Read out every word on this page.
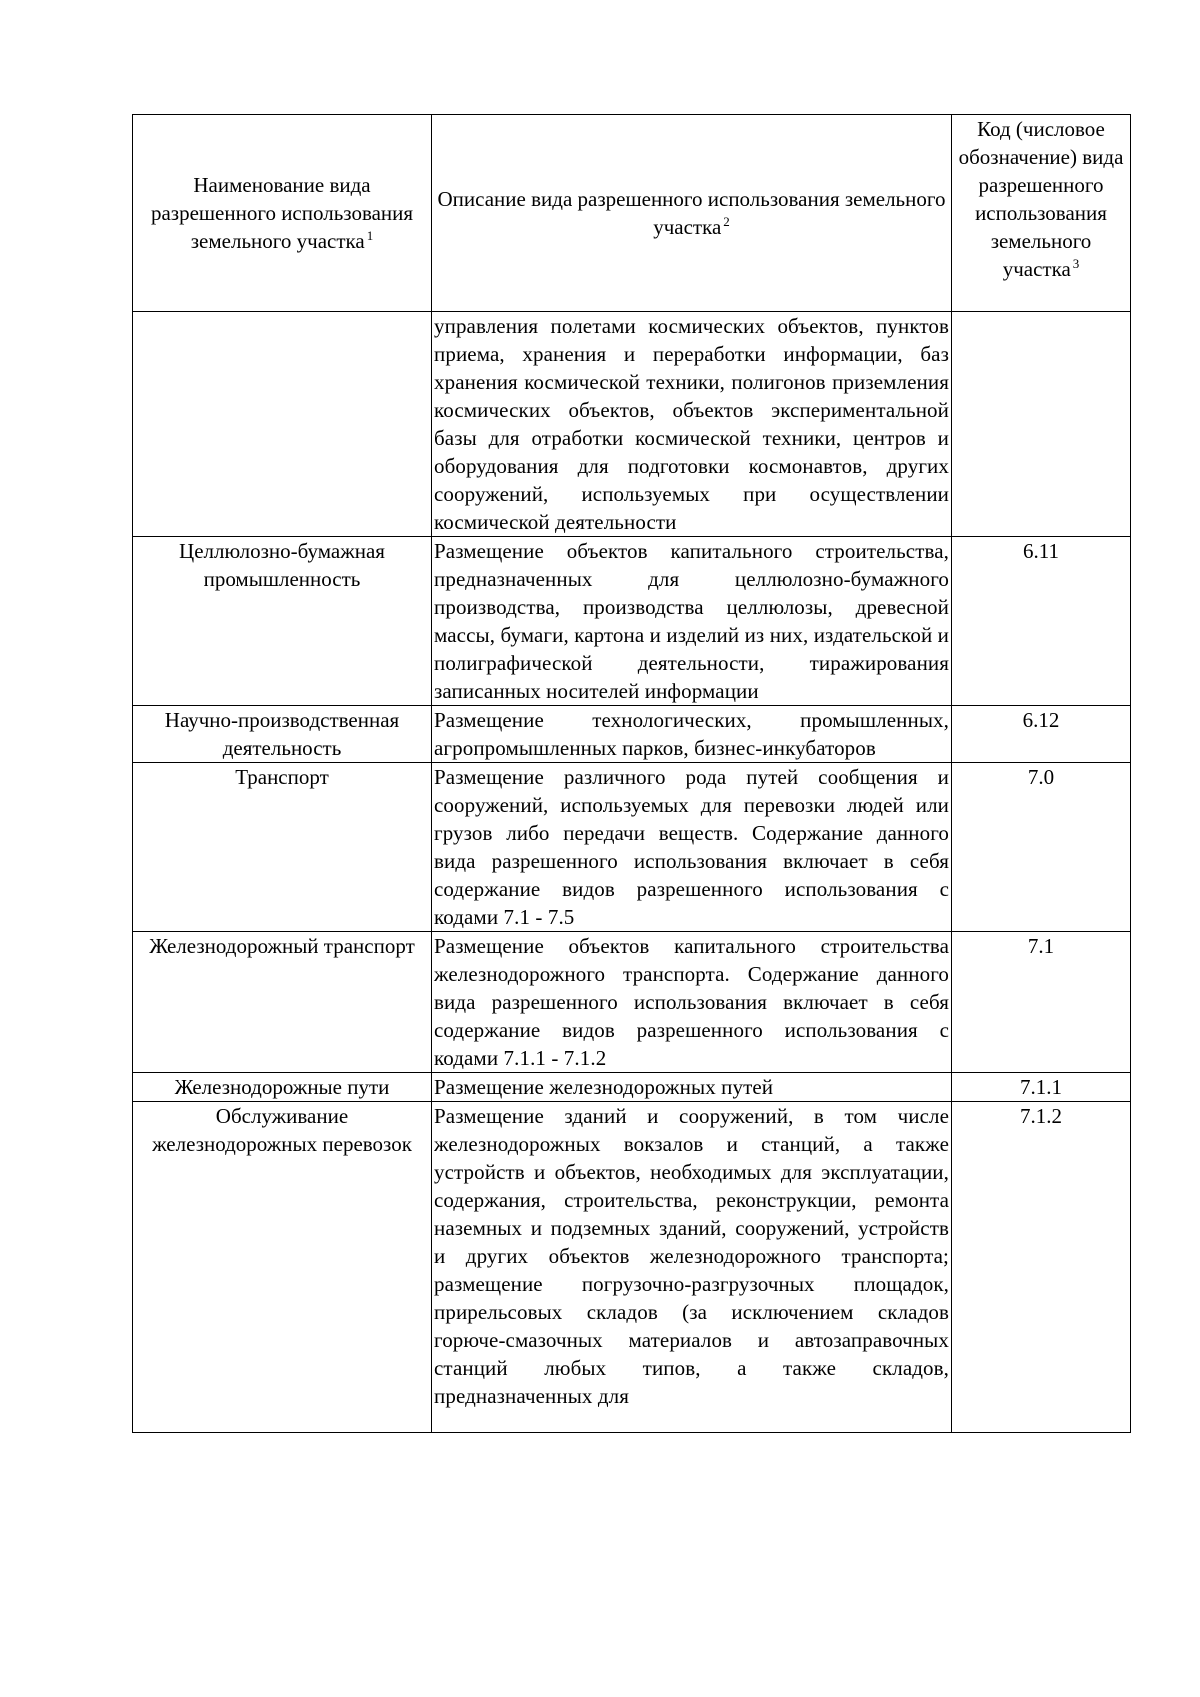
Наименование вида разрешенного использования земельного участка $^1$	Описание вида разрешенного использования земельного участка $^2$	Код (числовое обозначение) вида разрешенного использования земельного участка $^3$
	управления полетами космических объектов, пунктов приема, хранения и переработки информации, баз хранения космической техники, полигонов приземления космических объектов, объектов экспериментальной базы для отработки космической техники, центров и оборудования для подготовки космонавтов, других сооружений, используемых при осуществлении космической деятельности	
Целлюлозно-бумажная промышленность	Размещение объектов капитального строительства, предназначенных для целлюлозно-бумажного производства, производства целлюлозы, древесной массы, бумаги, картона и изделий из них, издательской и полиграфической деятельности, тиражирования записанных носителей информации	6.11
Научно-производственная деятельность	Размещение технологических, промышленных, агропромышленных парков, бизнес-инкубаторов	6.12
Транспорт	Размещение различного рода путей сообщения и сооружений, используемых для перевозки людей или грузов либо передачи веществ. Содержание данного вида разрешенного использования включает в себя содержание видов разрешенного использования с кодами 7.1 - 7.5	7.0
Железнодорожный транспорт	Размещение объектов капитального строительства железнодорожного транспорта. Содержание данного вида разрешенного использования включает в себя содержание видов разрешенного использования с кодами 7.1.1 - 7.1.2	7.1
Железнодорожные пути	Размещение железнодорожных путей	7.1.1
Обслуживание железнодорожных перевозок	Размещение зданий и сооружений, в том числе железнодорожных вокзалов и станций, а также устройств и объектов, необходимых для эксплуатации, содержания, строительства, реконструкции, ремонта наземных и подземных зданий, сооружений, устройств и других объектов железнодорожного транспорта; размещение погрузочно-разгрузочных площадок, прирельсовых складов (за исключением складов горюче-смазочных материалов и автозаправочных станций любых типов, а также складов, предназначенных для	7.1.2
